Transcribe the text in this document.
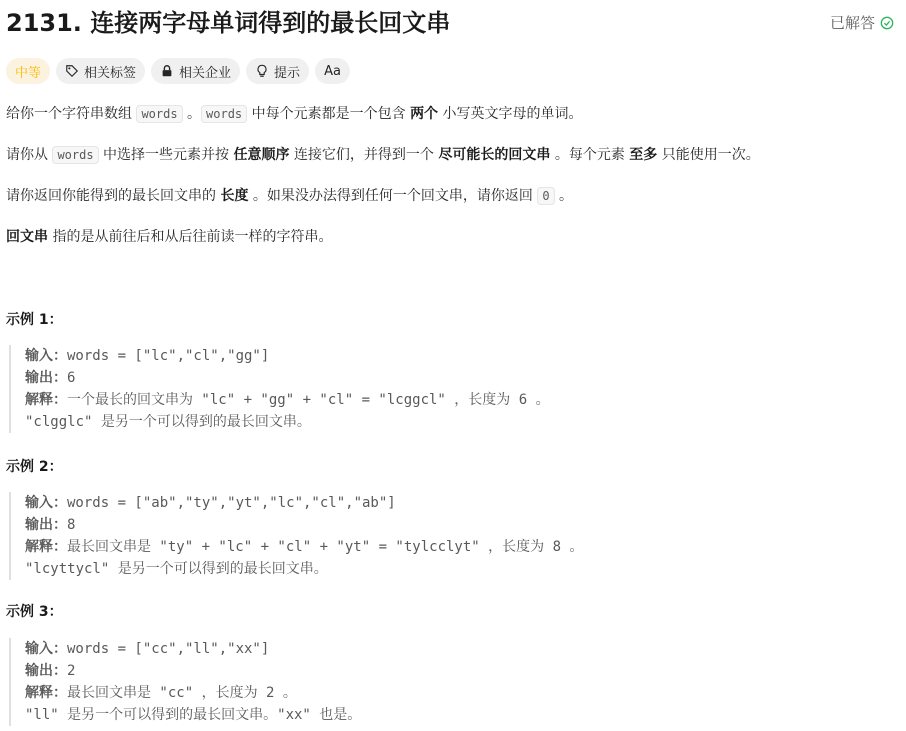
2131. 连接两字母单词得到的最长回文串	已解答
中等	相关标签	相关企业	提示 Aa
给你一个字符串数组 words 。 words 中每个元素都是一个包含 两个 小写英文字母的单词。
请你从 words 中选择一些元素并按 任意顺序 连接它们，并得到一个 尽可能长的回文串 。每个元素 至多 只能使用一次。
请你返回你能得到的最长回文串的 长度 。如果没办法得到任何一个回文串，请你返回 0 。
回文串 指的是从前往后和从后往前读一样的字符串。
示例 1：
输入：words = ["lc","cl","gg"]
输出：6
解释：一个最长的回文串为 "lc" + "gg" + "cl" = "lcggcl" ，长度为 6 。
"clgglc" 是另一个可以得到的最长回文串。
示例 2：
输入：words = ["ab","ty","yt","lc","cl","ab"]
输出：8
解释：最长回文串是 "ty" + "lc" + "cl" + "yt" = "tylcclyt" ，长度为 8 。
"lcyttycl" 是另一个可以得到的最长回文串。
示例 3：
输入：words = ["cc","ll","xx"]
输出：2
解释：最长回文串是 "cc" ，长度为 2 。
"ll" 是另一个可以得到的最长回文串。"xx" 也是。
